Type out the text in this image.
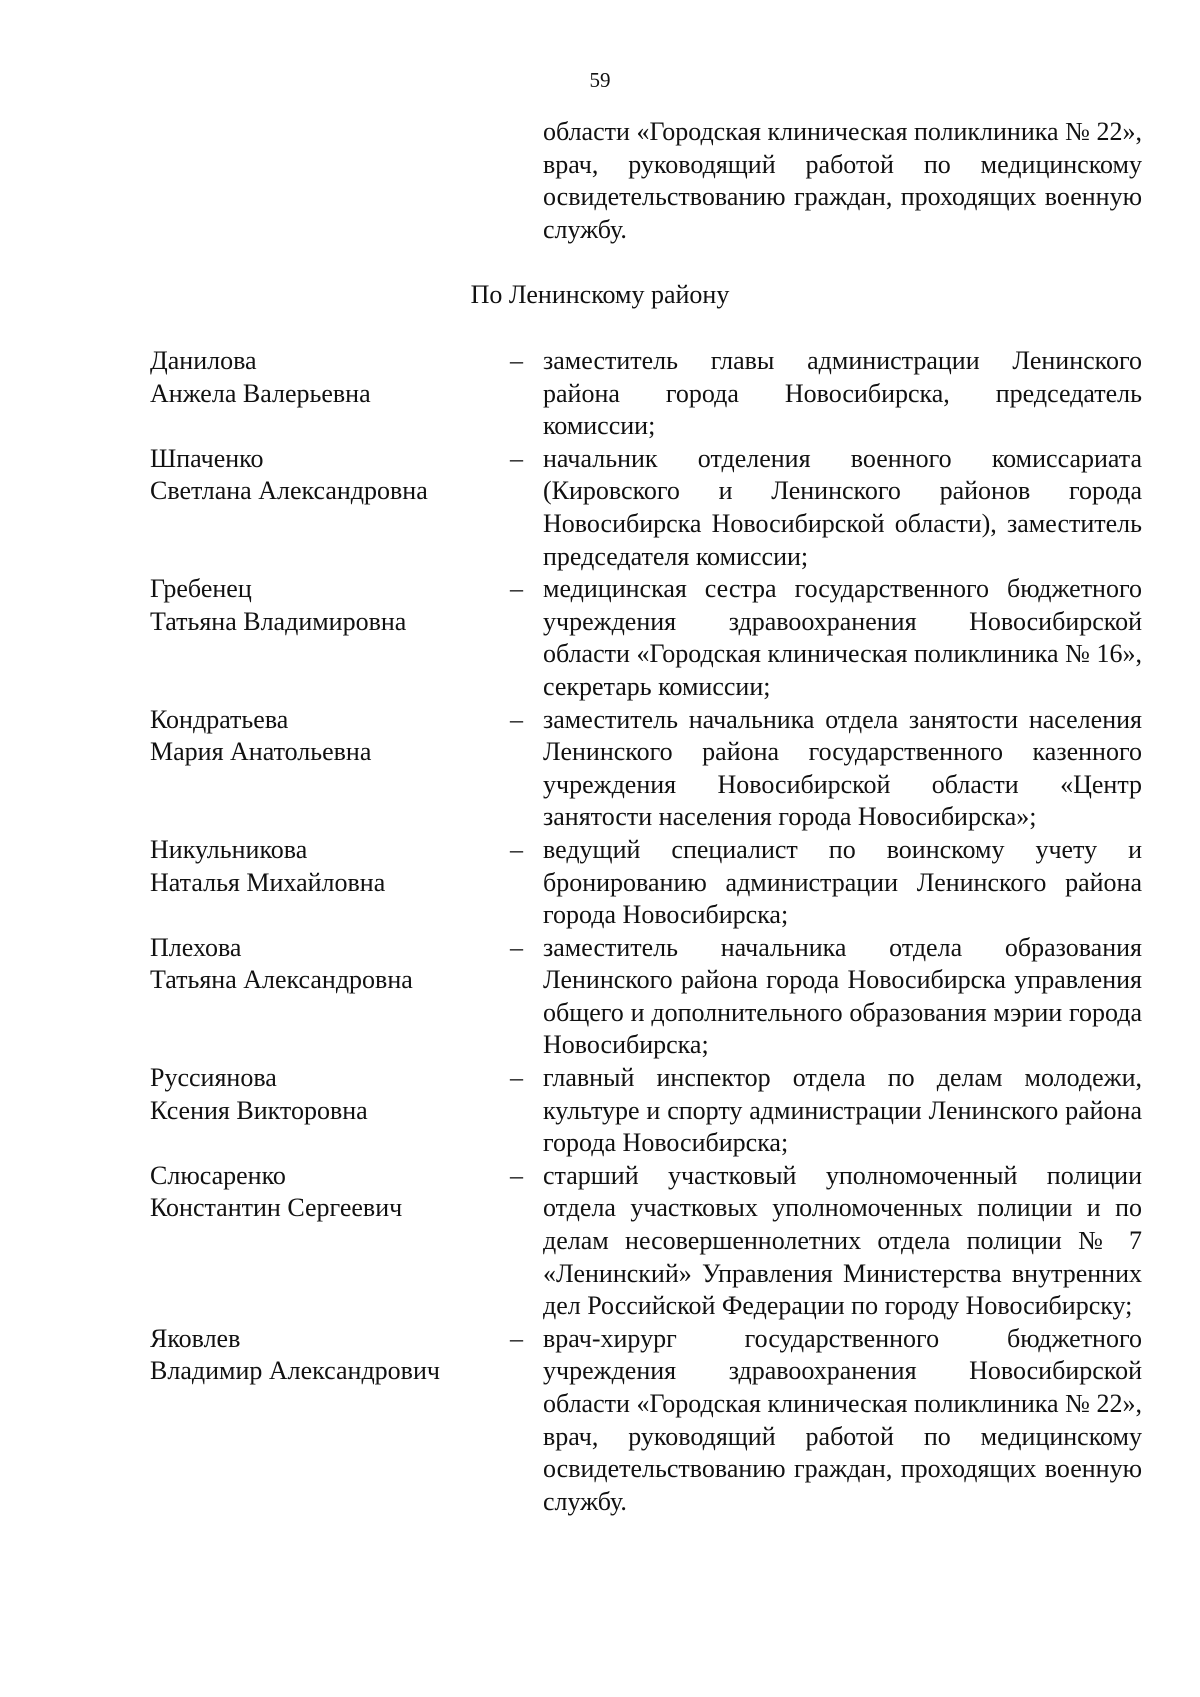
59
области «Городская клиническая поликлиника № 22», врач, руководящий работой по медицинскому освидетельствованию граждан, проходящих военную службу.
По Ленинскому району
Данилова
Анжела Валерьевна
– заместитель главы администрации Ленинского района города Новосибирска, председатель комиссии;
Шпаченко
Светлана Александровна
– начальник отделения военного комиссариата (Кировского и Ленинского районов города Новосибирска Новосибирской области), заместитель председателя комиссии;
Гребенец
Татьяна Владимировна
– медицинская сестра государственного бюджетного учреждения здравоохранения Новосибирской области «Городская клиническая поликлиника № 16», секретарь комиссии;
Кондратьева
Мария Анатольевна
– заместитель начальника отдела занятости населения Ленинского района государственного казенного учреждения Новосибирской области «Центр занятости населения города Новосибирска»;
Никульникова
Наталья Михайловна
– ведущий специалист по воинскому учету и бронированию администрации Ленинского района города Новосибирска;
Плехова
Татьяна Александровна
– заместитель начальника отдела образования Ленинского района города Новосибирска управления общего и дополнительного образования мэрии города Новосибирска;
Руссиянова
Ксения Викторовна
– главный инспектор отдела по делам молодежи, культуре и спорту администрации Ленинского района города Новосибирска;
Слюсаренко
Константин Сергеевич
– старший участковый уполномоченный полиции отдела участковых уполномоченных полиции и по делам несовершеннолетних отдела полиции № 7 «Ленинский» Управления Министерства внутренних дел Российской Федерации по городу Новосибирску;
Яковлев
Владимир Александрович
– врач-хирург государственного бюджетного учреждения здравоохранения Новосибирской области «Городская клиническая поликлиника № 22», врач, руководящий работой по медицинскому освидетельствованию граждан, проходящих военную службу.
